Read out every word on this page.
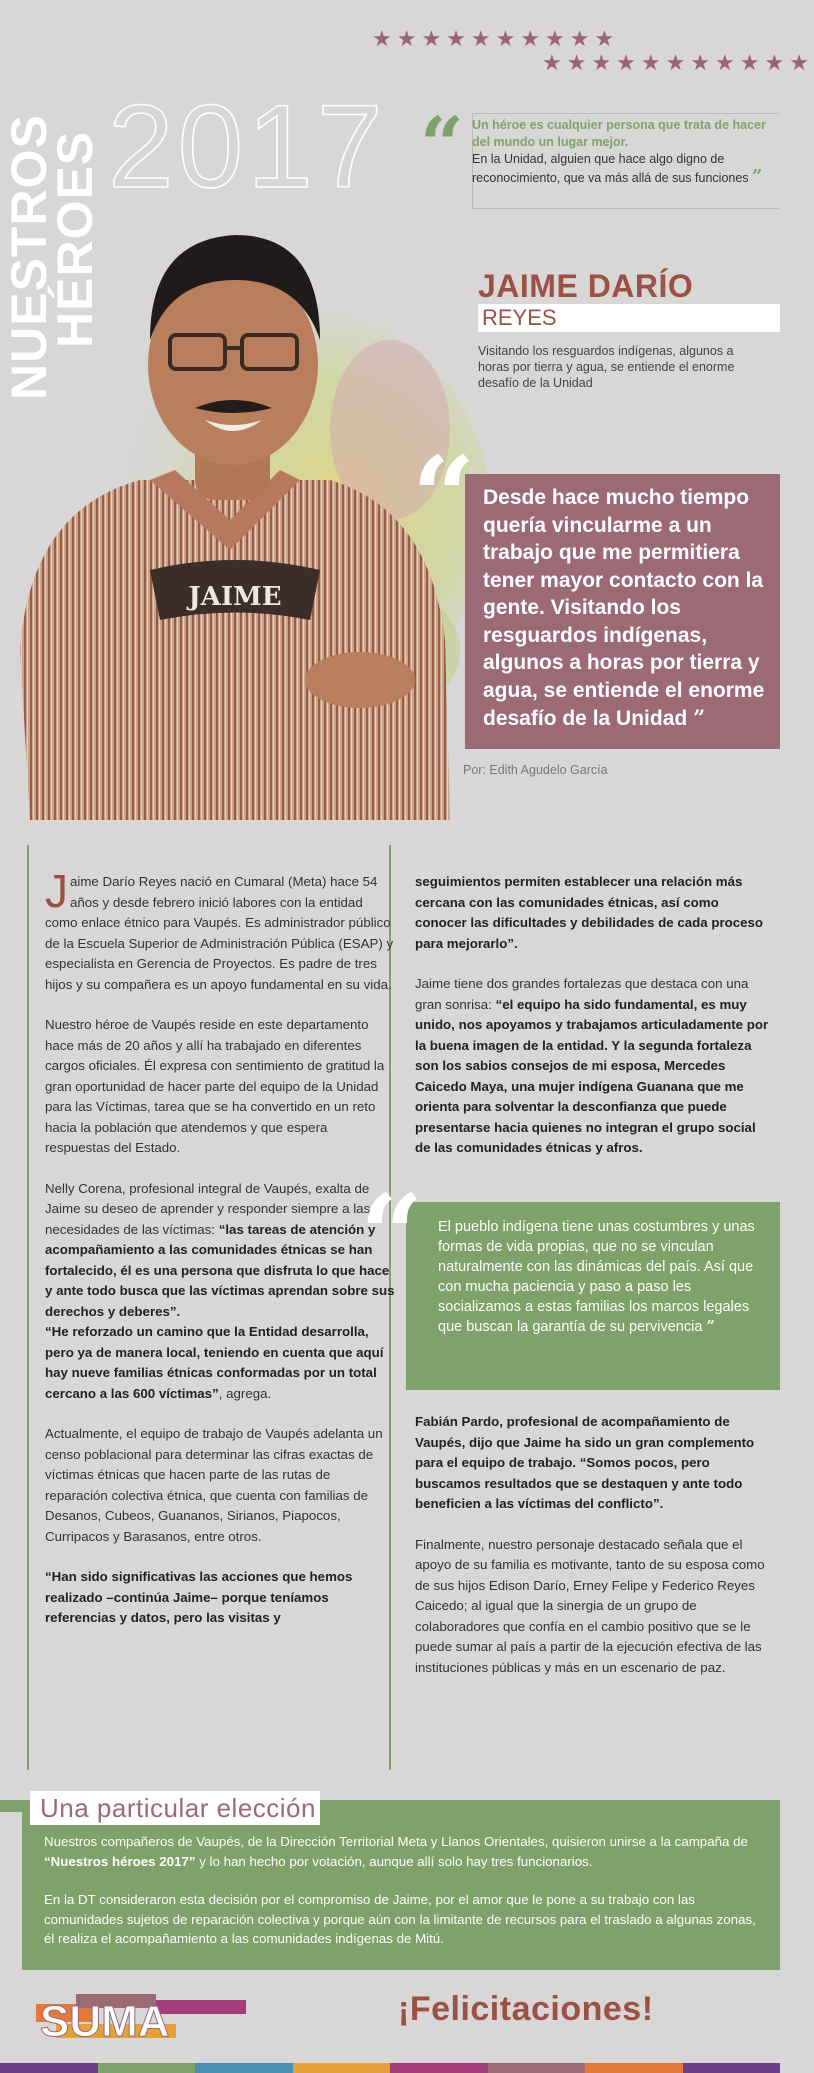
NUESTROS
HÉROES 2017
★★★★★★★★★★
★★★★★★★★★★★
“ Un héroe es cualquier persona que trata de hacer del mundo un lugar mejor.
En la Unidad, alguien que hace algo digno de reconocimiento, que va más allá de sus funciones ”
JAIME
JAIME DARÍO
REYES
Visitando los resguardos indígenas, algunos a horas por tierra y agua, se entiende el enorme desafío de la Unidad
Desde hace mucho tiempo quería vincularme a un trabajo que me permitiera tener mayor contacto con la gente. Visitando los resguardos indígenas, algunos a horas por tierra y agua, se entiende el enorme desafío de la Unidad ”
“
Por: Edith Agudelo García

Jaime Darío Reyes nació en Cumaral (Meta) hace 54 años y desde febrero inició labores con la entidad como enlace étnico para Vaupés. Es administrador público de la Escuela Superior de Administración Pública (ESAP) y especialista en Gerencia de Proyectos. Es padre de tres hijos y su compañera es un apoyo fundamental en su vida.

Nuestro héroe de Vaupés reside en este departamento hace más de 20 años y allí ha trabajado en diferentes cargos oficiales. Él expresa con sentimiento de gratitud la gran oportunidad de hacer parte del equipo de la Unidad para las Víctimas, tarea que se ha convertido en un reto hacia la población que atendemos y que espera respuestas del Estado.

Nelly Corena, profesional integral de Vaupés, exalta de Jaime su deseo de aprender y responder siempre a las necesidades de las víctimas: “las tareas de atención y acompañamiento a las comunidades étnicas se han fortalecido, él es una persona que disfruta lo que hace y ante todo busca que las víctimas aprendan sobre sus derechos y deberes”.
“He reforzado un camino que la Entidad desarrolla, pero ya de manera local, teniendo en cuenta que aquí hay nueve familias étnicas conformadas por un total cercano a las 600 víctimas”, agrega.

Actualmente, el equipo de trabajo de Vaupés adelanta un censo poblacional para determinar las cifras exactas de víctimas étnicas que hacen parte de las rutas de reparación colectiva étnica, que cuenta con familias de Desanos, Cubeos, Guananos, Sirianos, Piapocos, Curripacos y Barasanos, entre otros.

“Han sido significativas las acciones que hemos realizado –continúa Jaime– porque teníamos referencias y datos, pero las visitas y

seguimientos permiten establecer una relación más cercana con las comunidades étnicas, así como conocer las dificultades y debilidades de cada proceso para mejorarlo”.

Jaime tiene dos grandes fortalezas que destaca con una gran sonrisa: “el equipo ha sido fundamental, es muy unido, nos apoyamos y trabajamos articuladamente por la buena imagen de la entidad. Y la segunda fortaleza son los sabios consejos de mi esposa, Mercedes Caicedo Maya, una mujer indígena Guanana que me orienta para solventar la desconfianza que puede presentarse hacia quienes no integran el grupo social de las comunidades étnicas y afros.

El pueblo indígena tiene unas costumbres y unas formas de vida propias, que no se vinculan naturalmente con las dinámicas del país. Así que con mucha paciencia y paso a paso les socializamos a estas familias los marcos legales que buscan la garantía de su pervivencia ”
“

Fabián Pardo, profesional de acompañamiento de Vaupés, dijo que Jaime ha sido un gran complemento para el equipo de trabajo. “Somos pocos, pero buscamos resultados que se destaquen y ante todo beneficien a las víctimas del conflicto”.

Finalmente, nuestro personaje destacado señala que el apoyo de su familia es motivante, tanto de su esposa como de sus hijos Edison Darío, Erney Felipe y Federico Reyes Caicedo; al igual que la sinergia de un grupo de colaboradores que confía en el cambio positivo que se le puede sumar al país a partir de la ejecución efectiva de las instituciones públicas y más en un escenario de paz.

Nuestros compañeros de Vaupés, de la Dirección Territorial Meta y Llanos Orientales, quisieron unirse a la campaña de “Nuestros héroes 2017” y lo han hecho por votación, aunque allí solo hay tres funcionarios.

En la DT consideraron esta decisión por el compromiso de Jaime, por el amor que le pone a su trabajo con las comunidades sujetos de reparación colectiva y porque aún con la limitante de recursos para el traslado a algunas zonas, él realiza el acompañamiento a las comunidades indígenas de Mitú.

Una particular elección
SUMA	¡Felicitaciones!
